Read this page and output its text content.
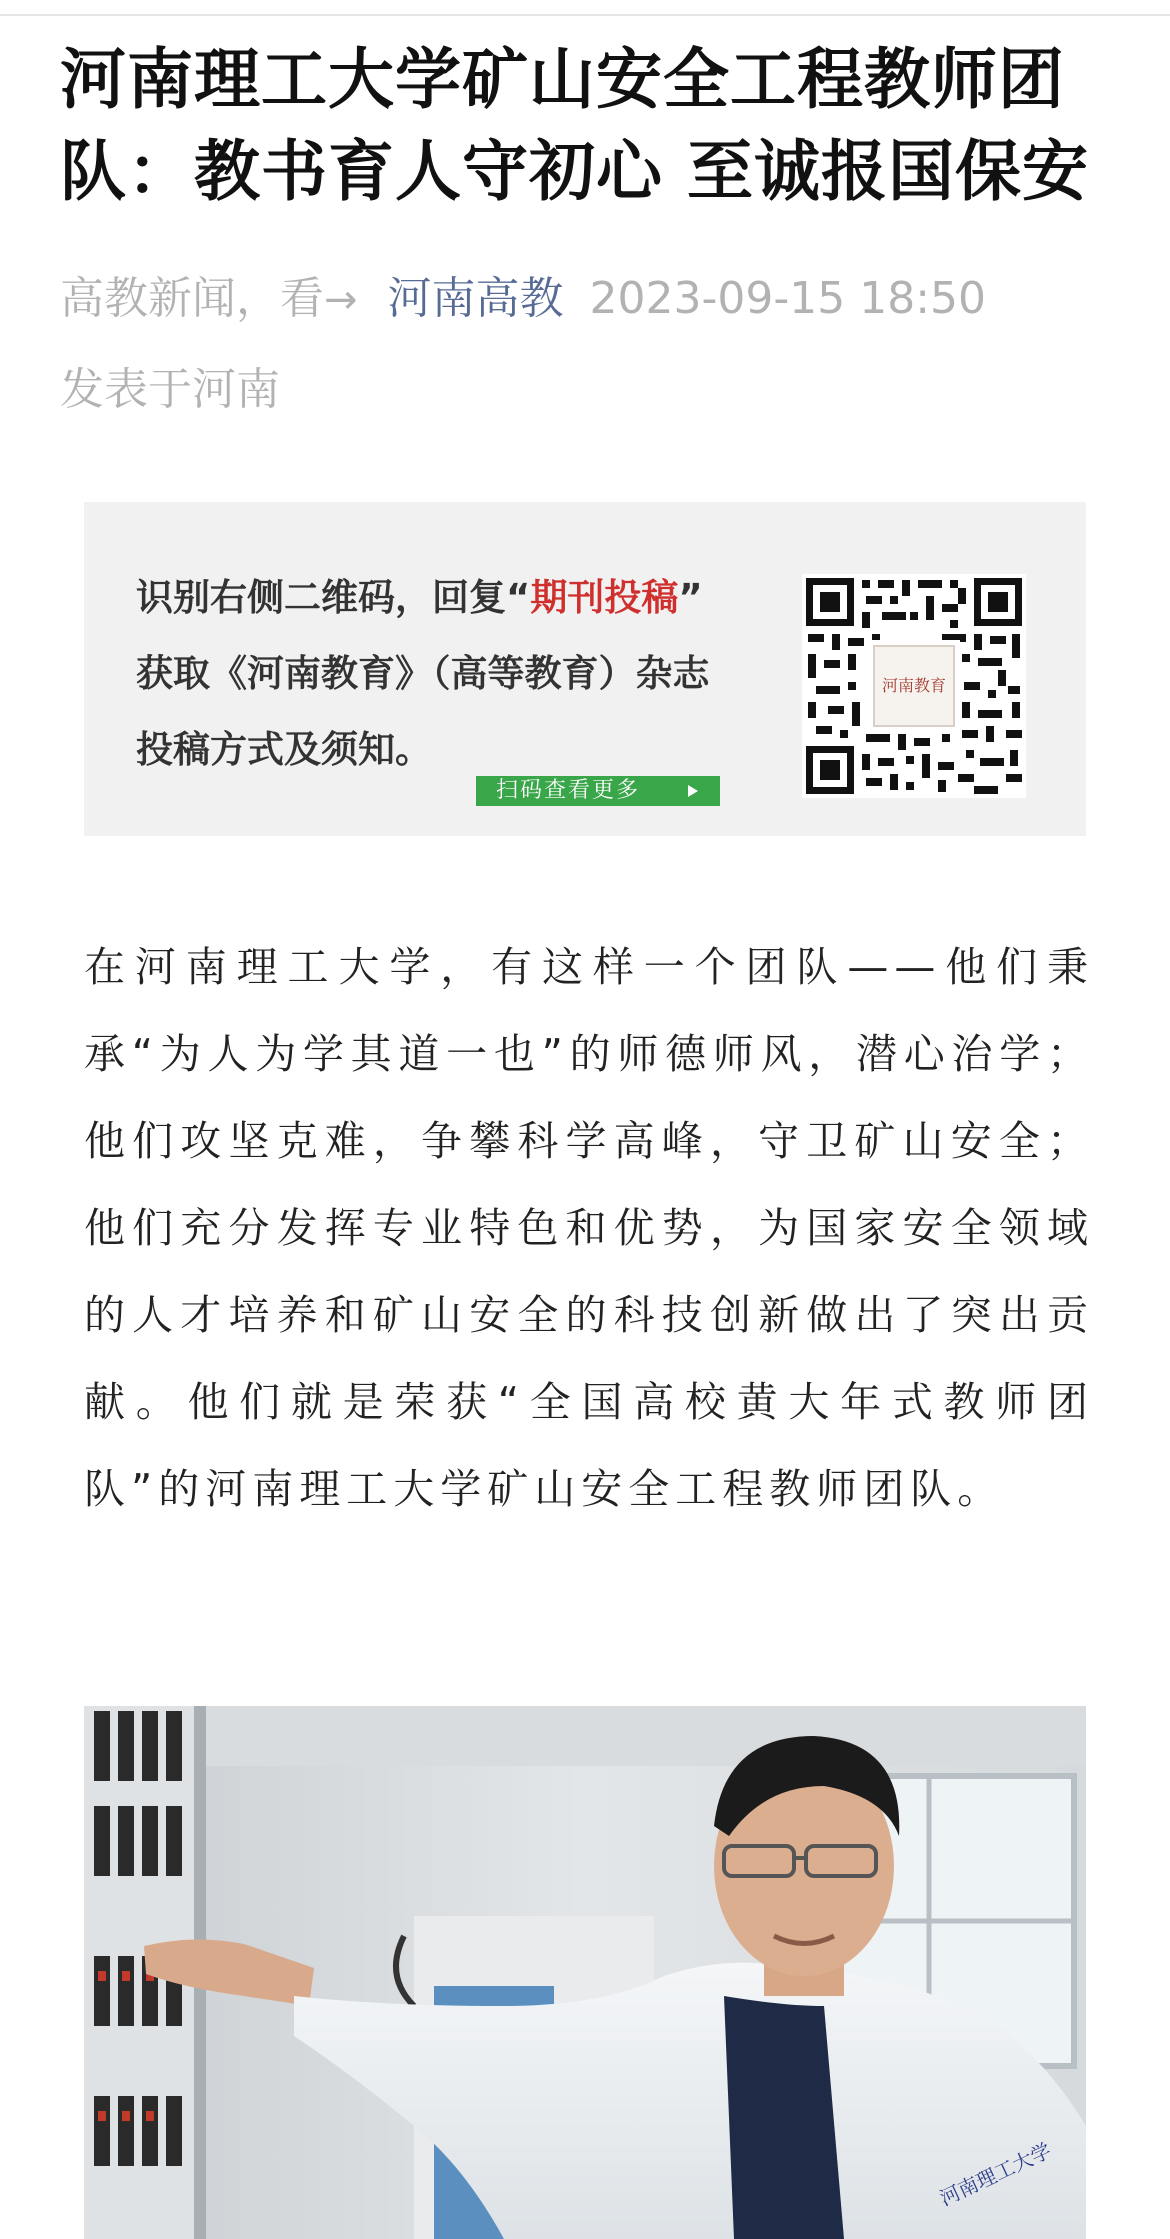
河南理工大学矿山安全工程教师团队：教书育人守初心 至诚报国保安
高教新闻，看→ 河南高教 2023-09-15 18:50
发表于河南
识别右侧二维码，回复“期刊投稿”
获取《河南教育》（高等教育）杂志
投稿方式及须知。
扫码查看更多
河南教育

在河南理工大学，有这样一个团队——他们秉承“为人为学其道一也”的师德师风，潜心治学；他们攻坚克难，争攀科学高峰，守卫矿山安全；他们充分发挥专业特色和优势，为国家安全领域的人才培养和矿山安全的科技创新做出了突出贡献。他们就是荣获“全国高校黄大年式教师团队”的河南理工大学矿山安全工程教师团队。

河南理工大学
